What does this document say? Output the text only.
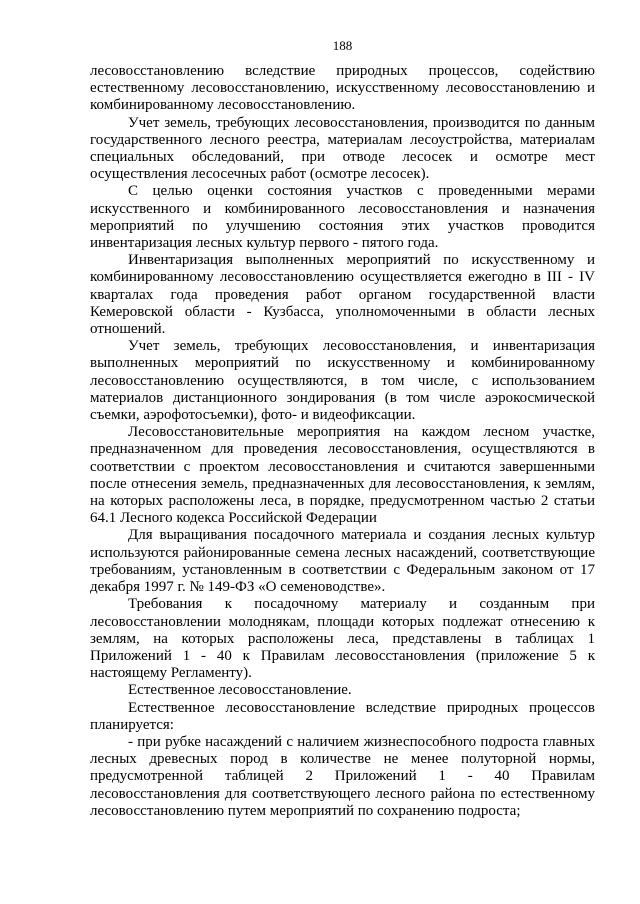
188

лесовосстановлению вследствие природных процессов, содействию естественному лесовосстановлению, искусственному лесовосстановлению и комбинированному лесовосстановлению.

Учет земель, требующих лесовосстановления, производится по данным государственного лесного реестра, материалам лесоустройства, материалам специальных обследований, при отводе лесосек и осмотре мест осуществления лесосечных работ (осмотре лесосек).

С целью оценки состояния участков с проведенными мерами искусственного и комбинированного лесовосстановления и назначения мероприятий по улучшению состояния этих участков проводится инвентаризация лесных культур первого - пятого года.

Инвентаризация выполненных мероприятий по искусственному и комбинированному лесовосстановлению осуществляется ежегодно в III - IV кварталах года проведения работ органом государственной власти Кемеровской области - Кузбасса, уполномоченными в области лесных отношений.

Учет земель, требующих лесовосстановления, и инвентаризация выполненных мероприятий по искусственному и комбинированному лесовосстановлению осуществляются, в том числе, с использованием материалов дистанционного зондирования (в том числе аэрокосмической съемки, аэрофотосъемки), фото- и видеофиксации.

Лесовосстановительные мероприятия на каждом лесном участке, предназначенном для проведения лесовосстановления, осуществляются в соответствии с проектом лесовосстановления и считаются завершенными после отнесения земель, предназначенных для лесовосстановления, к землям, на которых расположены леса, в порядке, предусмотренном частью 2 статьи 64.1 Лесного кодекса Российской Федерации

Для выращивания посадочного материала и создания лесных культур используются районированные семена лесных насаждений, соответствующие требованиям, установленным в соответствии с Федеральным законом от 17 декабря 1997 г. № 149-ФЗ «О семеноводстве».

Требования к посадочному материалу и созданным при лесовосстановлении молоднякам, площади которых подлежат отнесению к землям, на которых расположены леса, представлены в таблицах 1 Приложений 1 - 40 к Правилам лесовосстановления (приложение 5 к настоящему Регламенту).

Естественное лесовосстановление.

Естественное лесовосстановление вследствие природных процессов планируется:

- при рубке насаждений с наличием жизнеспособного подроста главных лесных древесных пород в количестве не менее полуторной нормы, предусмотренной таблицей 2 Приложений 1 - 40 Правилам лесовосстановления для соответствующего лесного района по естественному лесовосстановлению путем мероприятий по сохранению подроста;
